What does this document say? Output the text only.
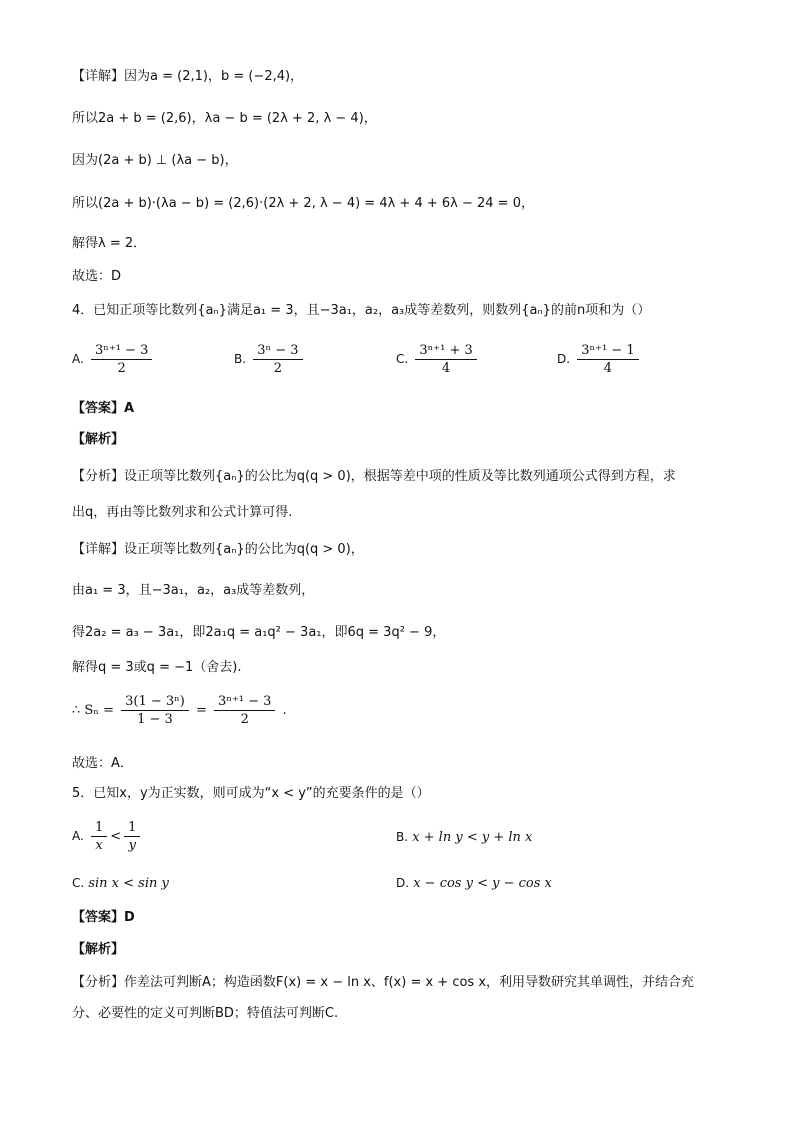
【详解】因为a = (2,1)，b = (−2,4)，
所以2a + b = (2,6)，λa − b = (2λ + 2, λ − 4)，
因为(2a + b) ⊥ (λa − b)，
所以(2a + b)·(λa − b) = (2,6)·(2λ + 2, λ − 4) = 4λ + 4 + 6λ − 24 = 0，
解得λ = 2．
故选：D
4．已知正项等比数列{aₙ}满足a₁ = 3，且−3a₁，a₂，a₃成等差数列，则数列{aₙ}的前n项和为（）
A. $\frac{\text{3ⁿ⁺¹ − 3}}{2}$	B. $\frac{\text{3ⁿ − 3}}{2}$	C. $\frac{\text{3ⁿ⁺¹ + 3}}{4}$	D. $\frac{\text{3ⁿ⁺¹ − 1}}{4}$
【答案】A
【解析】
【分析】设正项等比数列{aₙ}的公比为q(q > 0)，根据等差中项的性质及等比数列通项公式得到方程，求
出q，再由等比数列求和公式计算可得.
【详解】设正项等比数列{aₙ}的公比为q(q > 0)，
由a₁ = 3，且−3a₁，a₂，a₃成等差数列，
得2a₂ = a₃ − 3a₁，即2a₁q = a₁q² − 3a₁，即6q = 3q² − 9，
解得q = 3或q = −1（舍去).
∴ $S_n = \frac{\text{3(1 − 3ⁿ)}}{1 - 3} = \frac{\text{3ⁿ⁺¹ − 3}}{2}$ .
故选：A．
5．已知x，y为正实数，则可成为“x < y”的充要条件的是（）
A. $\frac{1}{x} < \frac{1}{y}$	B. x + ln y < y + ln x
C. sin x < sin y	D. x − cos y < y − cos x
【答案】D
【解析】
【分析】作差法可判断A；构造函数F(x) = x − ln x、f(x) = x + cos x，利用导数研究其单调性，并结合充
分、必要性的定义可判断BD；特值法可判断C.
